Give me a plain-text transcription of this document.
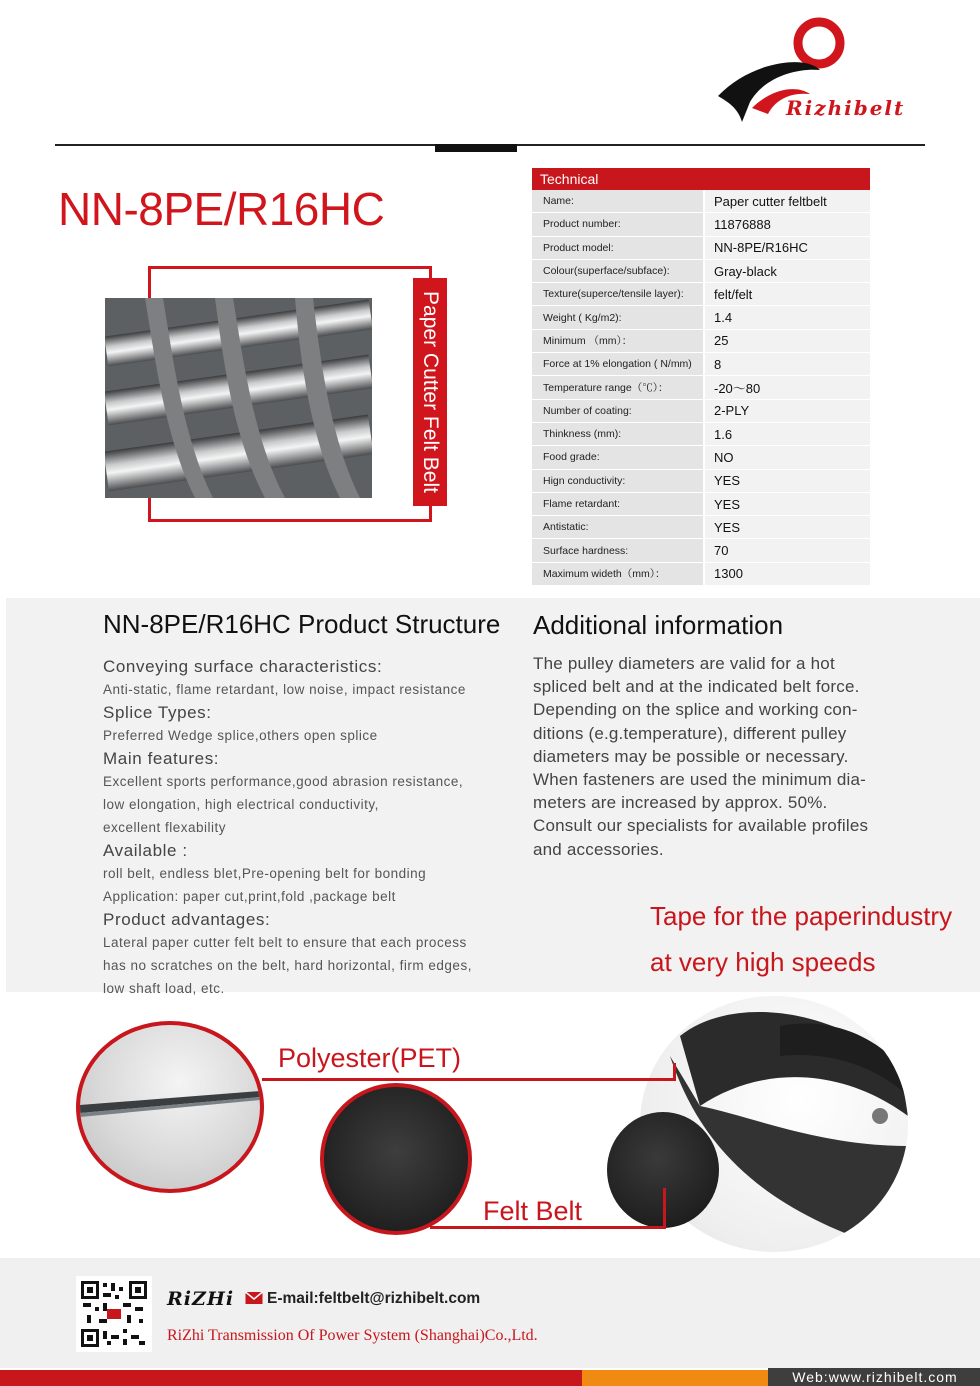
Rizhibelt
NN-8PE/R16HC
Paper Cutter Felt Belt
Technical
Name:	Paper cutter feltbelt
Product number:	11876888
Product model:	NN-8PE/R16HC
Colour(superface/subface):	Gray-black
Texture(superce/tensile layer):	felt/felt
Weight ( Kg/m2):	1.4
Minimum （mm）：	25
Force at 1% elongation ( N/mm)	8
Temperature range（℃）：	-20～80
Number of coating:	2-PLY
Thinkness (mm):	1.6
Food grade:	NO
Hign conductivity:	YES
Flame retardant:	YES
Antistatic:	YES
Surface hardness:	70
Maximum wideth（mm）：	1300
NN-8PE/R16HC Product Structure
Conveying surface characteristics:
Anti-static, flame retardant, low noise, impact resistance
Splice Types:
Preferred Wedge splice,others open splice
Main features:
Excellent sports performance,good abrasion resistance,
low elongation, high electrical conductivity,
excellent flexability
Available :
roll belt, endless blet,Pre-opening belt for bonding
Application: paper cut,print,fold ,package belt
Product advantages:
Lateral paper cutter felt belt to ensure that each process
has no scratches on the belt, hard horizontal, firm edges,
low shaft load, etc.
Additional information
The pulley diameters are valid for a hot
spliced belt and at the indicated belt force.
Depending on the splice and working con-
ditions (e.g.temperature), different pulley
diameters may be possible or necessary.
When fasteners are used the minimum dia-
meters are increased by approx. 50%.
Consult our specialists for available profiles
and accessories.
Tape for the paperindustry
at very high speeds
Polyester(PET)
Felt Belt
RiZHi E-mail:feltbelt@rizhibelt.com
RiZhi Transmission Of Power System (Shanghai)Co.,Ltd.
Web:www.rizhibelt.com
